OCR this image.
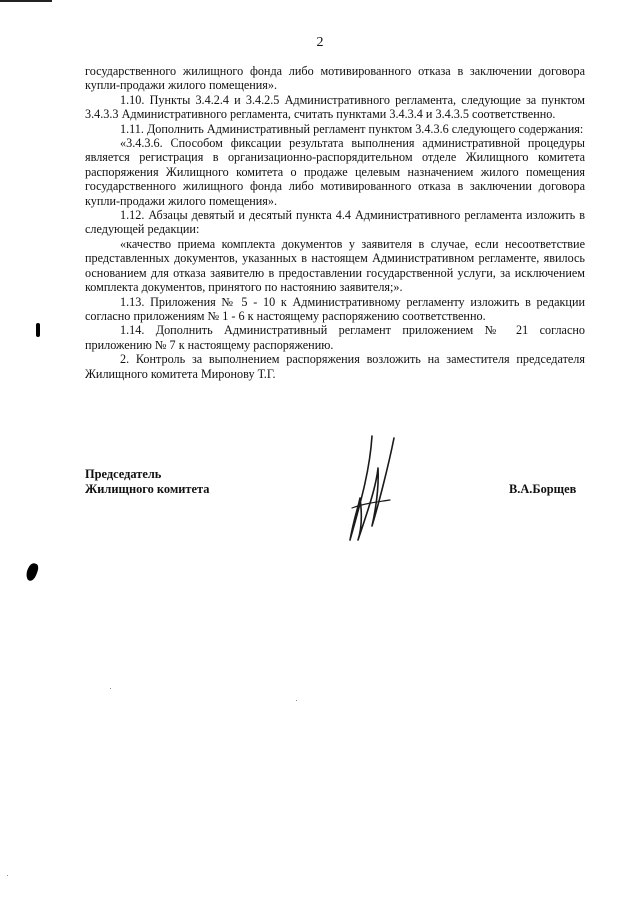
2

государственного жилищного фонда либо мотивированного отказа в заключении договора купли-продажи жилого помещения».

1.10. Пункты 3.4.2.4 и 3.4.2.5 Административного регламента, следующие за пунктом 3.4.3.3 Административного регламента, считать пунктами 3.4.3.4 и 3.4.3.5 соответственно.

1.11. Дополнить Административный регламент пунктом 3.4.3.6 следующего содержания:

«3.4.3.6. Способом фиксации результата выполнения административной процедуры является регистрация в организационно-распорядительном отделе Жилищного комитета распоряжения Жилищного комитета о продаже целевым назначением жилого помещения государственного жилищного фонда либо мотивированного отказа в заключении договора купли-продажи жилого помещения».

1.12. Абзацы девятый и десятый пункта 4.4 Административного регламента изложить в следующей редакции:

«качество приема комплекта документов у заявителя в случае, если несоответствие представленных документов, указанных в настоящем Административном регламенте, явилось основанием для отказа заявителю в предоставлении государственной услуги, за исключением комплекта документов, принятого по настоянию заявителя;».

1.13. Приложения № 5 - 10 к Административному регламенту изложить в редакции согласно приложениям № 1 - 6 к настоящему распоряжению соответственно.

1.14. Дополнить Административный регламент приложением № 21 согласно приложению № 7 к настоящему распоряжению.

2. Контроль за выполнением распоряжения возложить на заместителя председателя Жилищного комитета Миронову Т.Г.

Председатель
Жилищного комитета	В.А.Борщев
